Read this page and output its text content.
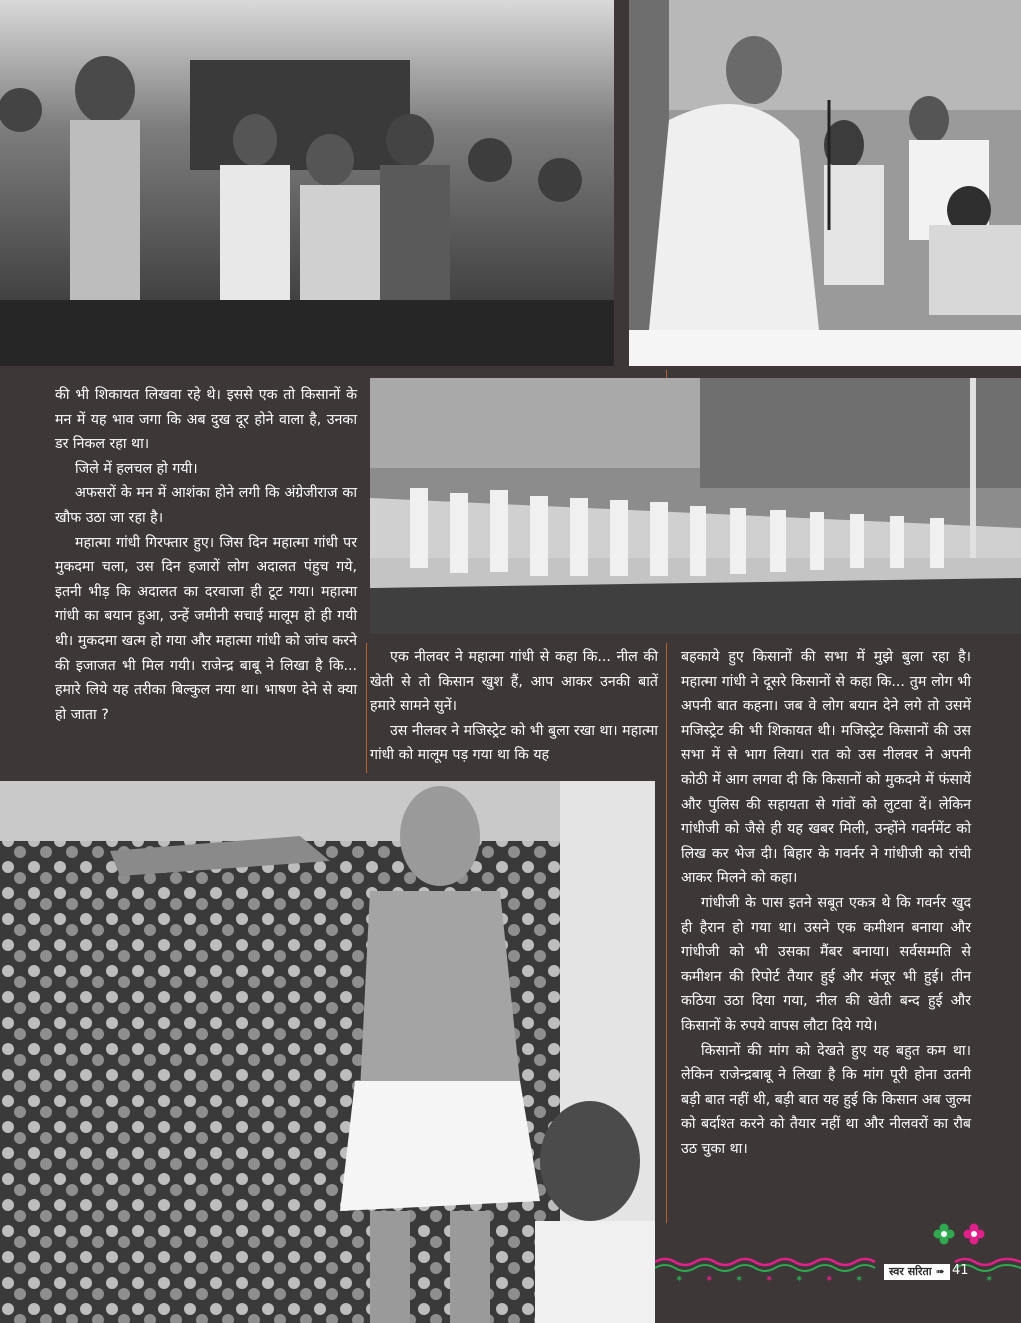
की भी शिकायत लिखवा रहे थे। इससे एक तो किसानों के मन में यह भाव जगा कि अब दुख दूर होने वाला है, उनका डर निकल रहा था।

जिले में हलचल हो गयी।

अफसरों के मन में आशंका होने लगी कि अंग्रेजीराज का खौफ उठा जा रहा है।

महात्मा गांधी गिरफ्तार हुए। जिस दिन महात्मा गांधी पर मुकदमा चला, उस दिन हजारों लोग अदालत पंहुच गये, इतनी भीड़ कि अदालत का दरवाजा ही टूट गया। महात्मा गांधी का बयान हुआ, उन्हें जमीनी सचाई मालूम हो ही गयी थी। मुकदमा खत्म हो गया और महात्मा गांधी को जांच करने की इजाजत भी मिल गयी। राजेन्द्र बाबू ने लिखा है कि... हमारे लिये यह तरीका बिल्कुल नया था। भाषण देने से क्या हो जाता ?

एक नीलवर ने महात्मा गांधी से कहा कि... नील की खेती से तो किसान खुश हैं, आप आकर उनकी बातें हमारे सामने सुनें।

उस नीलवर ने मजिस्ट्रेट को भी बुला रखा था। महात्मा गांधी को मालूम पड़ गया था कि यह

बहकाये हुए किसानों की सभा में मुझे बुला रहा है। महात्मा गांधी ने दूसरे किसानों से कहा कि... तुम लोग भी अपनी बात कहना। जब वे लोग बयान देने लगे तो उसमें मजिस्ट्रेट की भी शिकायत थी। मजिस्ट्रेट किसानों की उस सभा में से भाग लिया। रात को उस नीलवर ने अपनी कोठी में आग लगवा दी कि किसानों को मुकदमे में फंसायें और पुलिस की सहायता से गांवों को लुटवा दें। लेकिन गांधीजी को जैसे ही यह खबर मिली, उन्होंने गवर्नमेंट को लिख कर भेज दी। बिहार के गवर्नर ने गांधीजी को रांची आकर मिलने को कहा।

गांधीजी के पास इतने सबूत एकत्र थे कि गवर्नर खुद ही हैरान हो गया था। उसने एक कमीशन बनाया और गांधीजी को भी उसका मैंबर बनाया। सर्वसम्मति से कमीशन की रिपोर्ट तैयार हुई और मंजूर भी हुई। तीन कठिया उठा दिया गया, नील की खेती बन्द हुई और किसानों के रुपये वापस लौटा दिये गये।

किसानों की मांग को देखते हुए यह बहुत कम था। लेकिन राजेन्द्रबाबू ने लिखा है कि मांग पूरी होना उतनी बड़ी बात नहीं थी, बड़ी बात यह हुई कि किसान अब जुल्म को बर्दाश्त करने को तैयार नहीं था और नीलवरों का रौब उठ चुका था।

✶	✶	✶	✶	✶
✶	✶	✶
स्वर सरिता ➠ 41
